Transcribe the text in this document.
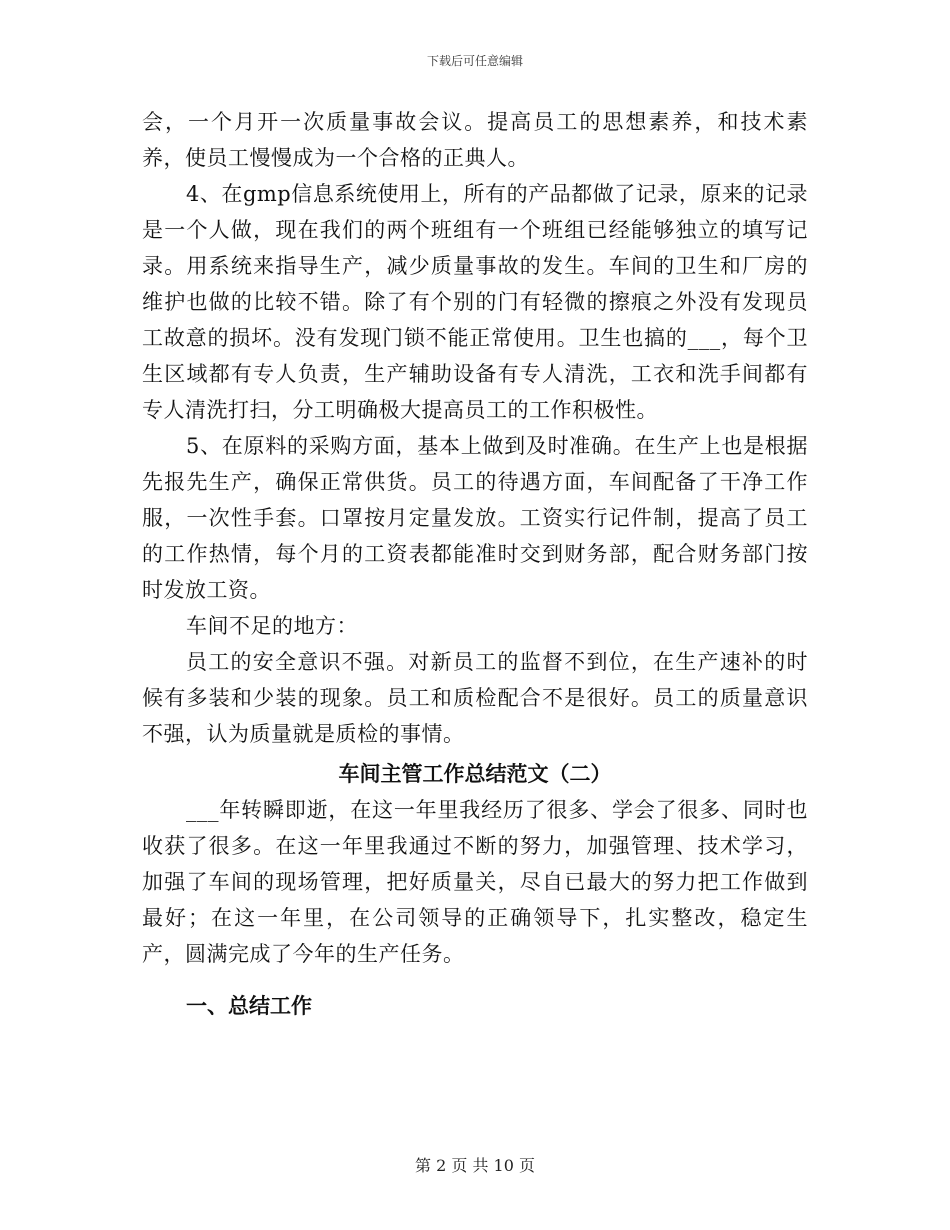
下载后可任意编辑

会，一个月开一次质量事故会议。提高员工的思想素养，和技术素养，使员工慢慢成为一个合格的正典人。

4、在gmp信息系统使用上，所有的产品都做了记录，原来的记录是一个人做，现在我们的两个班组有一个班组已经能够独立的填写记录。用系统来指导生产，减少质量事故的发生。车间的卫生和厂房的维护也做的比较不错。除了有个别的门有轻微的擦痕之外没有发现员工故意的损坏。没有发现门锁不能正常使用。卫生也搞的___，每个卫生区域都有专人负责，生产辅助设备有专人清洗，工衣和洗手间都有专人清洗打扫，分工明确极大提高员工的工作积极性。

5、在原料的采购方面，基本上做到及时准确。在生产上也是根据先报先生产，确保正常供货。员工的待遇方面，车间配备了干净工作服，一次性手套。口罩按月定量发放。工资实行记件制，提高了员工的工作热情，每个月的工资表都能准时交到财务部，配合财务部门按时发放工资。

车间不足的地方：

员工的安全意识不强。对新员工的监督不到位，在生产速补的时候有多装和少装的现象。员工和质检配合不是很好。员工的质量意识不强，认为质量就是质检的事情。

车间主管工作总结范文（二）

___年转瞬即逝，在这一年里我经历了很多、学会了很多、同时也收获了很多。在这一年里我通过不断的努力，加强管理、技术学习，加强了车间的现场管理，把好质量关，尽自已最大的努力把工作做到最好；在这一年里，在公司领导的正确领导下，扎实整改，稳定生产，圆满完成了今年的生产任务。

一、总结工作
第 2 页 共 10 页
